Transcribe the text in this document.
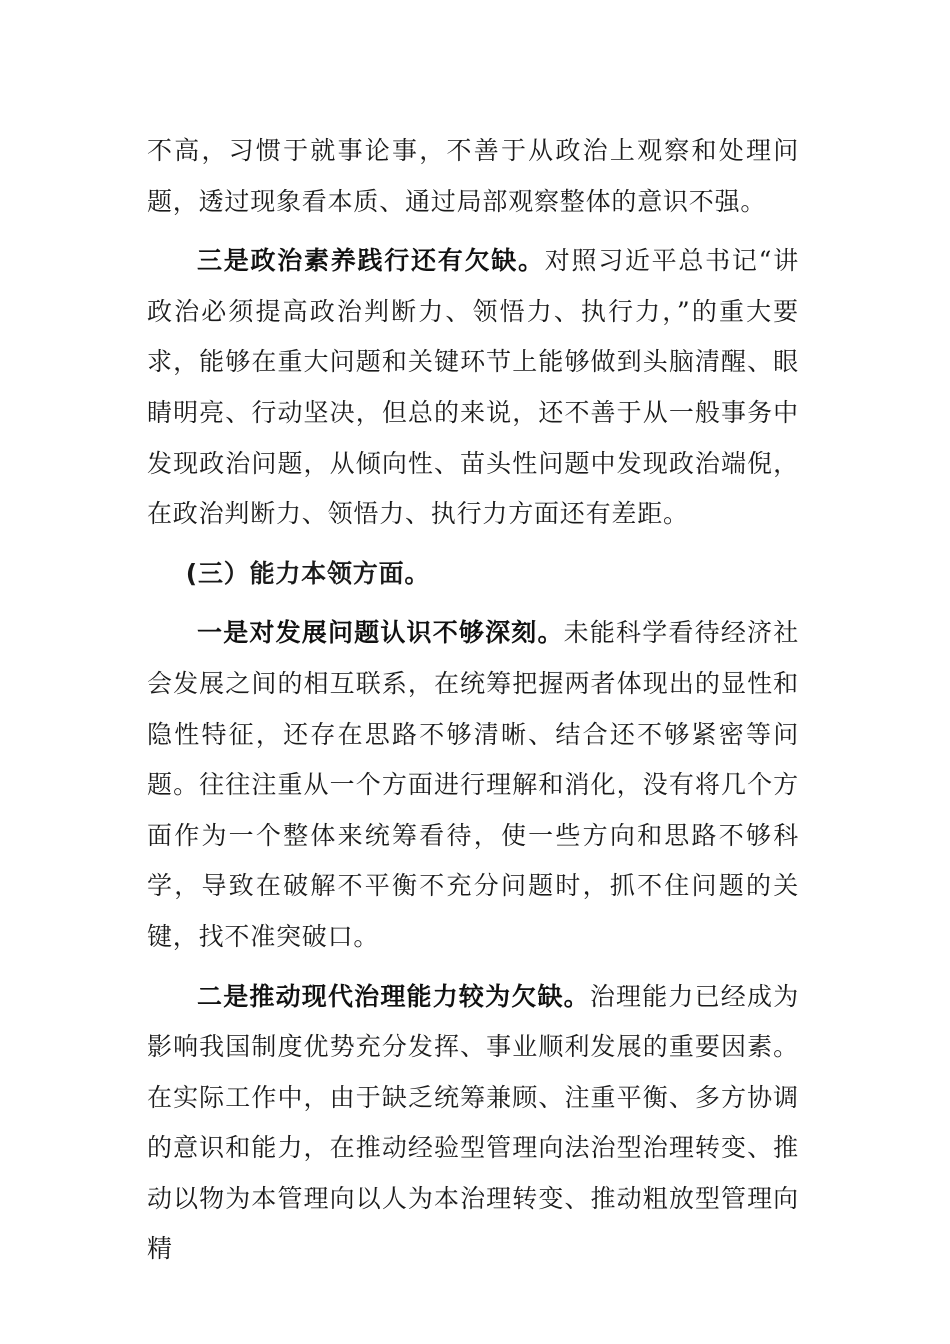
不高，习惯于就事论事，不善于从政治上观察和处理问题，透过现象看本质、通过局部观察整体的意识不强。

三是政治素养践行还有欠缺。对照习近平总书记“讲政治必须提高政治判断力、领悟力、执行力，”的重大要求，能够在重大问题和关键环节上能够做到头脑清醒、眼睛明亮、行动坚决，但总的来说，还不善于从一般事务中发现政治问题，从倾向性、苗头性问题中发现政治端倪，在政治判断力、领悟力、执行力方面还有差距。

(三）能力本领方面。

一是对发展问题认识不够深刻。未能科学看待经济社会发展之间的相互联系，在统筹把握两者体现出的显性和隐性特征，还存在思路不够清晰、结合还不够紧密等问题。往往注重从一个方面进行理解和消化，没有将几个方面作为一个整体来统筹看待，使一些方向和思路不够科学，导致在破解不平衡不充分问题时，抓不住问题的关键，找不准突破口。

二是推动现代治理能力较为欠缺。治理能力已经成为影响我国制度优势充分发挥、事业顺利发展的重要因素。在实际工作中，由于缺乏统筹兼顾、注重平衡、多方协调的意识和能力，在推动经验型管理向法治型治理转变、推动以物为本管理向以人为本治理转变、推动粗放型管理向精
